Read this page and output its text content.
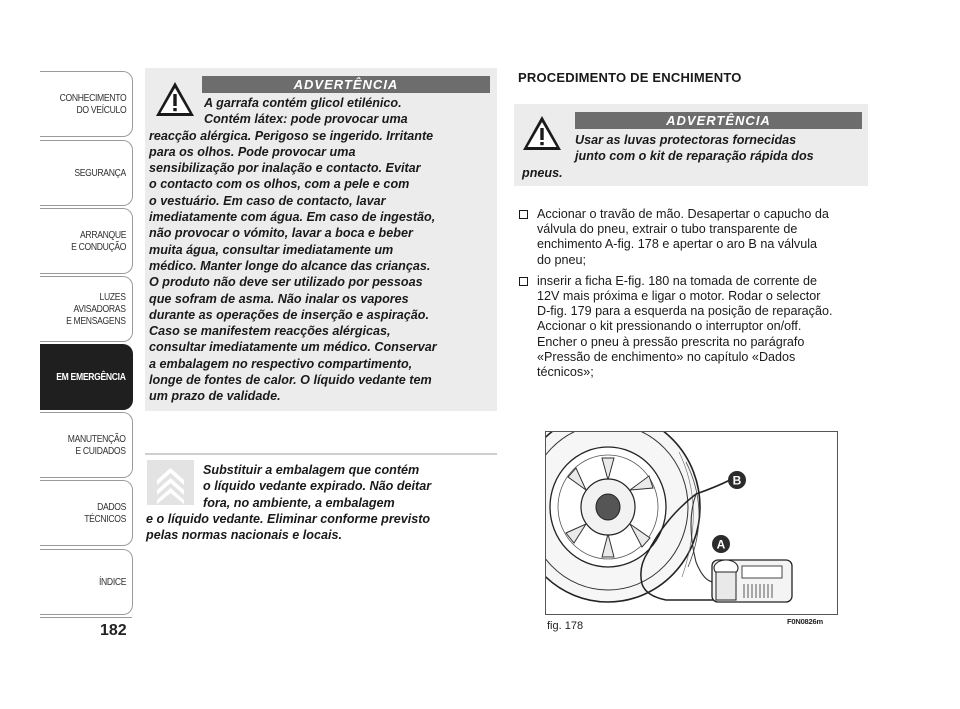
CONHECIMENTO
DO VEÍCULO
SEGURANÇA
ARRANQUE
E CONDUÇÃO
LUZES
AVISADORAS
E MENSAGENS
EM EMERGÊNCIA
MANUTENÇÃO
E CUIDADOS
DADOS
TÉCNICOS
ÍNDICE
182
ADVERTÊNCIA
A garrafa contém glicol etilénico.
Contém látex: pode provocar uma
reacção alérgica. Perigoso se ingerido. Irritante
para os olhos. Pode provocar uma
sensibilização por inalação e contacto. Evitar
o contacto com os olhos, com a pele e com
o vestuário. Em caso de contacto, lavar
imediatamente com água. Em caso de ingestão,
não provocar o vómito, lavar a boca e beber
muita água, consultar imediatamente um
médico. Manter longe do alcance das crianças.
O produto não deve ser utilizado por pessoas
que sofram de asma. Não inalar os vapores
durante as operações de inserção e aspiração.
Caso se manifestem reacções alérgicas,
consultar imediatamente um médico. Conservar
a embalagem no respectivo compartimento,
longe de fontes de calor. O líquido vedante tem
um prazo de validade.
Substituir a embalagem que contém
o líquido vedante expirado. Não deitar
fora, no ambiente, a embalagem
e o líquido vedante. Eliminar conforme previsto
pelas normas nacionais e locais.
PROCEDIMENTO DE ENCHIMENTO
ADVERTÊNCIA
Usar as luvas protectoras fornecidas
junto com o kit de reparação rápida dos
pneus.
Accionar o travão de mão. Desapertar o capucho da
válvula do pneu, extrair o tubo transparente de
enchimento A-fig. 178 e apertar o aro B na válvula
do pneu;
inserir a ficha E-fig. 180 na tomada de corrente de
12V mais próxima e ligar o motor. Rodar o selector
D-fig. 179 para a esquerda na posição de reparação.
Accionar o kit pressionando o interruptor on/off.
Encher o pneu à pressão prescrita no parágrafo
«Pressão de enchimento» no capítulo «Dados
técnicos»;
B
A
fig. 178	F0N0826m
